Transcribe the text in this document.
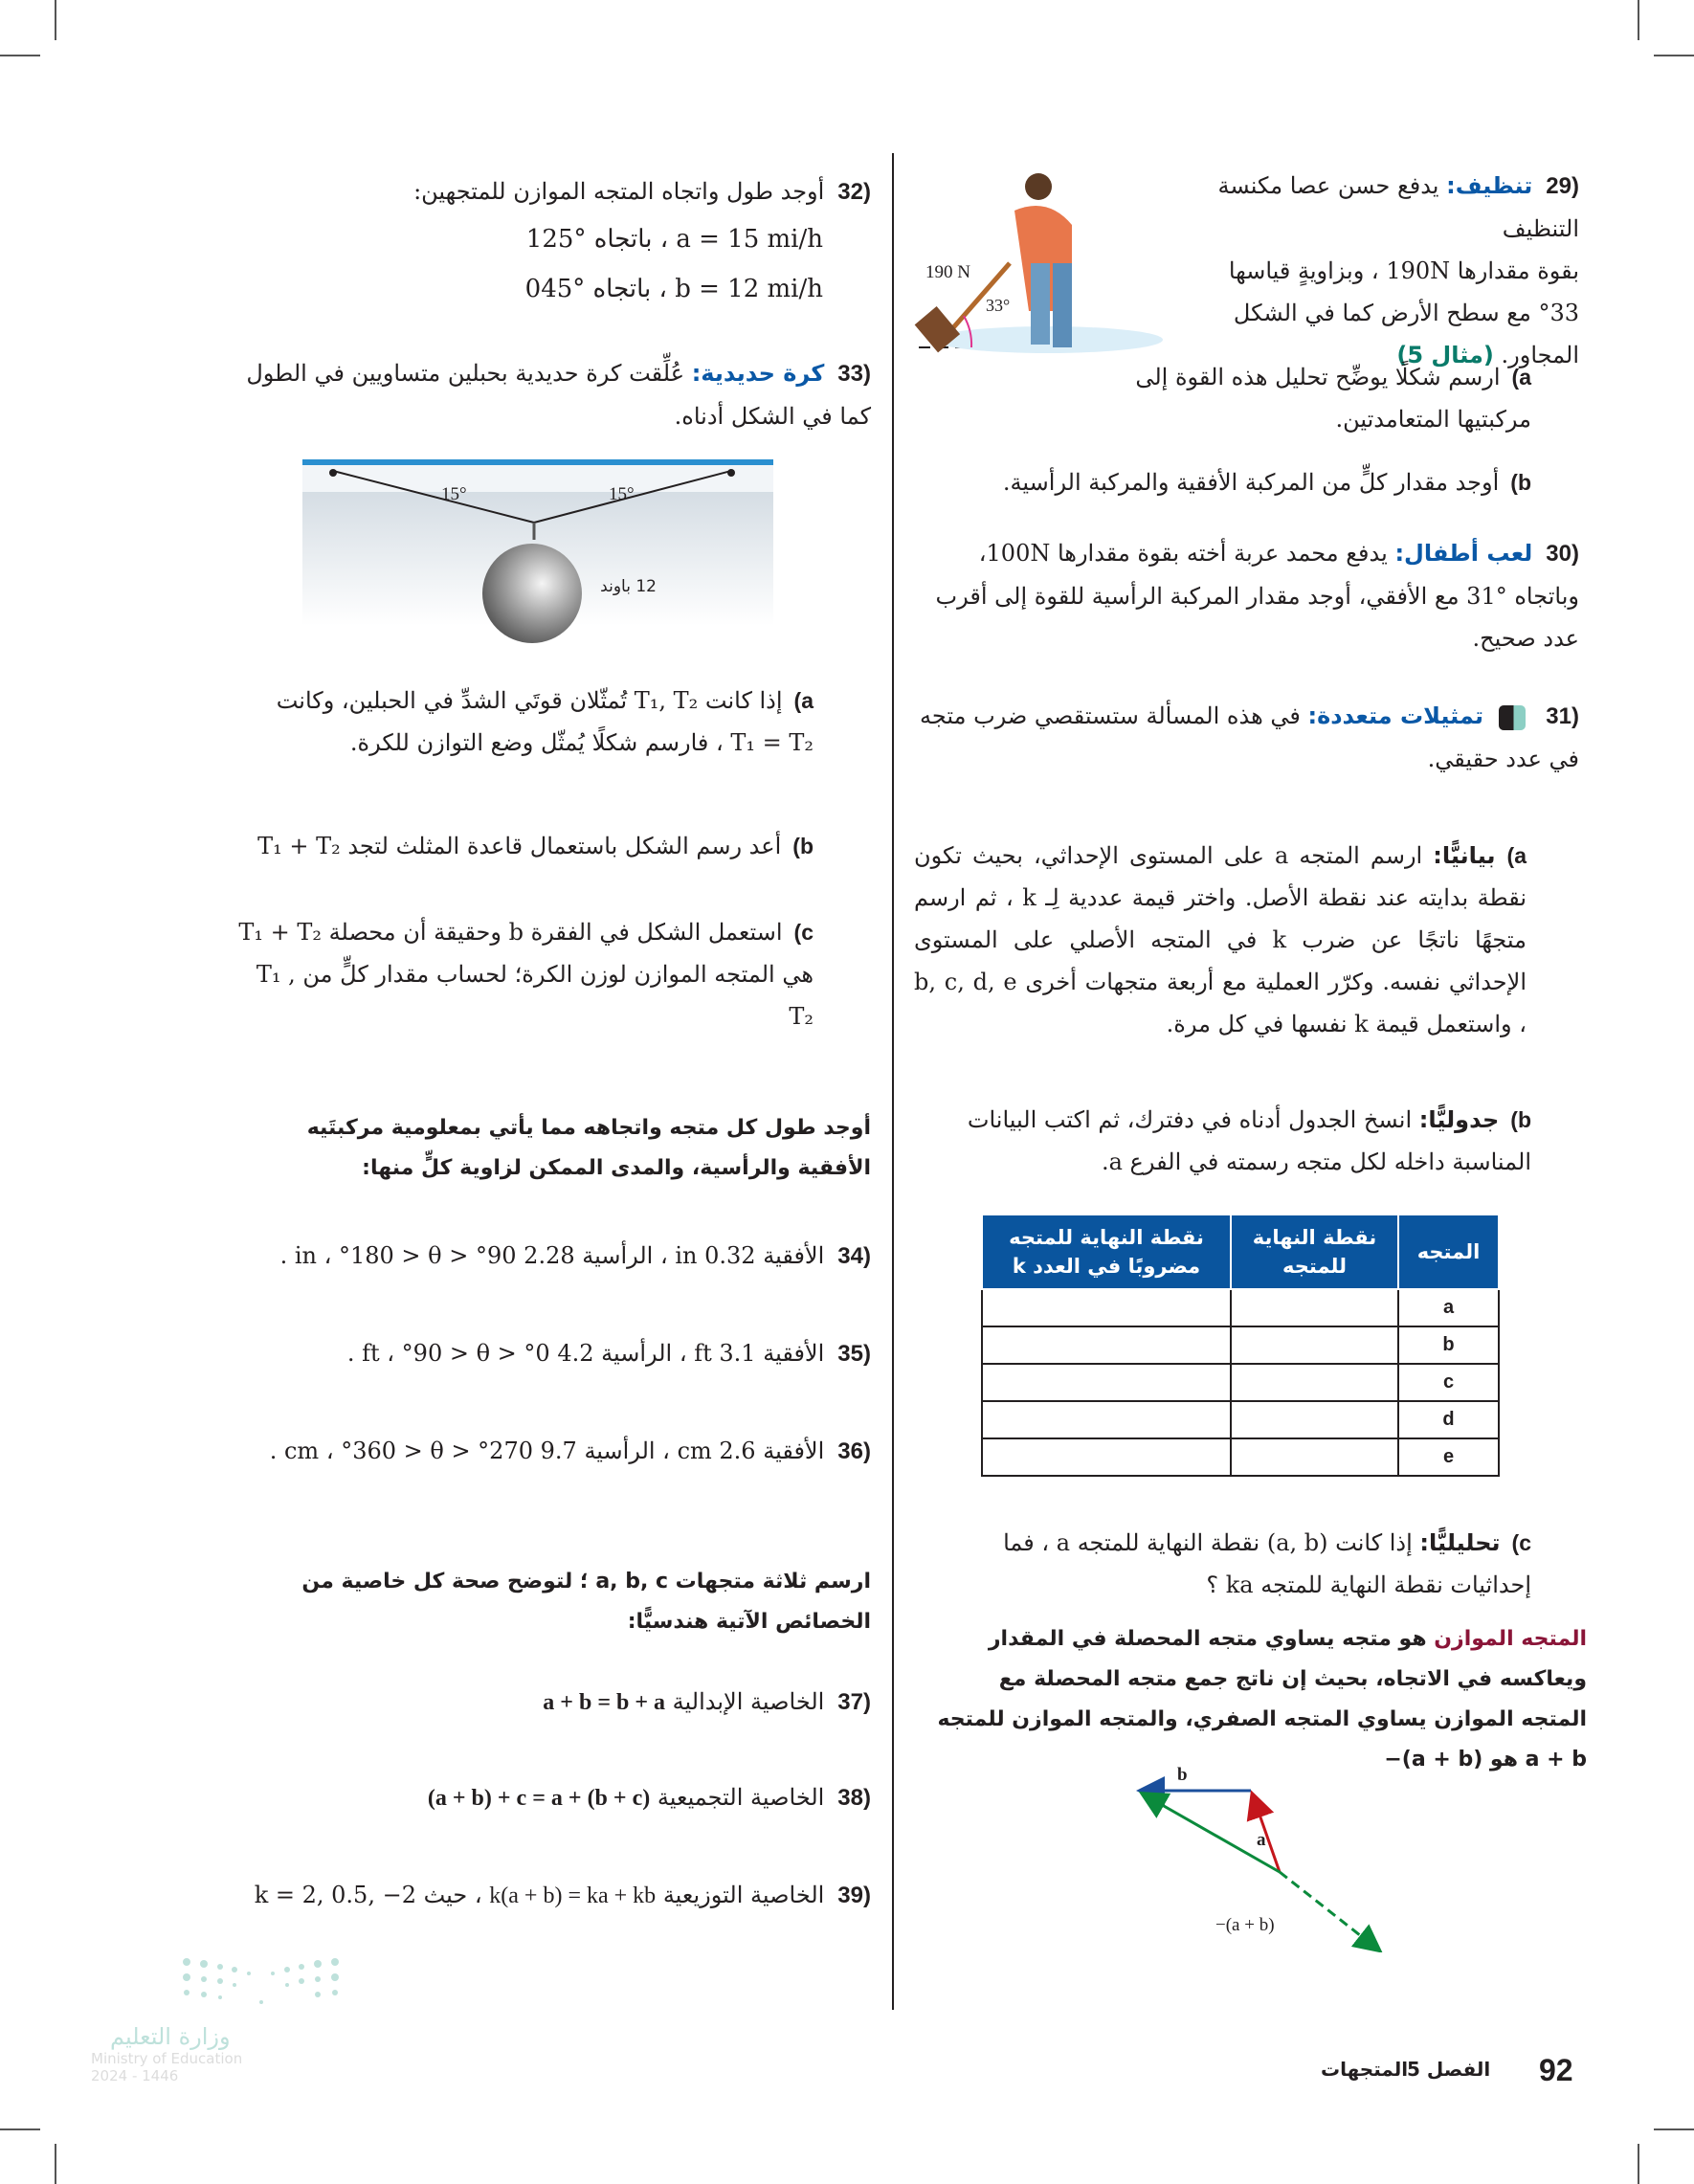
(29تنظيف: يدفع حسن عصا مكنسة التنظيف
بقوة مقدارها 190N ، وبزاويةٍ قياسها
°33 مع سطح الأرض كما في الشكل
المجاور. (مثال 5)
190 N
33°
a)ارسم شكلًا يوضِّح تحليل هذه القوة إلى مركبتيها المتعامدتين.
b)أوجد مقدار كلٍّ من المركبة الأفقية والمركبة الرأسية.
(30لعب أطفال: يدفع محمد عربة أخته بقوة مقدارها 100N، وباتجاه °31 مع الأفقي، أوجد مقدار المركبة الرأسية للقوة إلى أقرب عدد صحيح.
(31  تمثيلات متعددة: في هذه المسألة ستستقصي ضرب متجه في عدد حقيقي.
a)بيانيًّا: ارسم المتجه a على المستوى الإحداثي، بحيث تكون نقطة بدايته عند نقطة الأصل. واختر قيمة عددية لِـ k ، ثم ارسم متجهًا ناتجًا عن ضرب k في المتجه الأصلي على المستوى الإحداثي نفسه. وكرّر العملية مع أربعة متجهات أخرى b, c, d, e ، واستعمل قيمة k نفسها في كل مرة.
b)جدوليًّا: انسخ الجدول أدناه في دفترك، ثم اكتب البيانات المناسبة داخله لكل متجه رسمته في الفرع a.
المتجه	نقطة النهاية للمتجه	نقطة النهاية للمتجه مضروبًا في العدد k
a		
b		
c		
d		
e		
c)تحليليًّا: إذا كانت (a, b) نقطة النهاية للمتجه a ، فما إحداثيات نقطة النهاية للمتجه ka ؟
المتجه الموازن هو متجه يساوي متجه المحصلة في المقدار ويعاكسه في الاتجاه، بحيث إن ناتج جمع متجه المحصلة مع المتجه الموازن يساوي المتجه الصفري، والمتجه الموازن للمتجه a + b هو (a + b)−
b
a
−(a + b)
(32أوجد طول واتجاه المتجه الموازن للمتجهين:
a = 15 mi/h ، باتجاه °125
b = 12 mi/h ، باتجاه °045
(33كرة حديدية: عُلِّقت كرة حديدية بحبلين متساويين في الطول كما في الشكل أدناه.
15°	15°
12 باوند
a)إذا كانت T₁, T₂ تُمثّلان قوتَي الشدِّ في الحبلين، وكانت T₁ = T₂ ، فارسم شكلًا يُمثّل وضع التوازن للكرة.
b)أعد رسم الشكل باستعمال قاعدة المثلث لتجد T₁ + T₂
c)استعمل الشكل في الفقرة b وحقيقة أن محصلة T₁ + T₂ هي المتجه الموازن لوزن الكرة؛ لحساب مقدار كلٍّ من T₁ , T₂
أوجد طول كل متجه واتجاهه مما يأتي بمعلومية مركبتَيه الأفقية والرأسية، والمدى الممكن لزاوية كلٍّ منها:
(34الأفقية 0.32 in ، الرأسية 2.28 in ، °180 > θ > °90 .
(35الأفقية 3.1 ft ، الرأسية 4.2 ft ، °90 > θ > °0 .
(36الأفقية 2.6 cm ، الرأسية 9.7 cm ، °360 > θ > °270 .
ارسم ثلاثة متجهات a, b, c ؛ لتوضح صحة كل خاصية من الخصائص الآتية هندسيًّا:
(37الخاصية الإبدالية a + b = b + a
(38الخاصية التجميعية (a + b) + c = a + (b + c)
(39الخاصية التوزيعية k(a + b) = ka + kb ، حيث k = 2, 0.5, −2
وزارة التعليم
Ministry of Education
2024 - 1446	92
الفصل 5
المتجهات
